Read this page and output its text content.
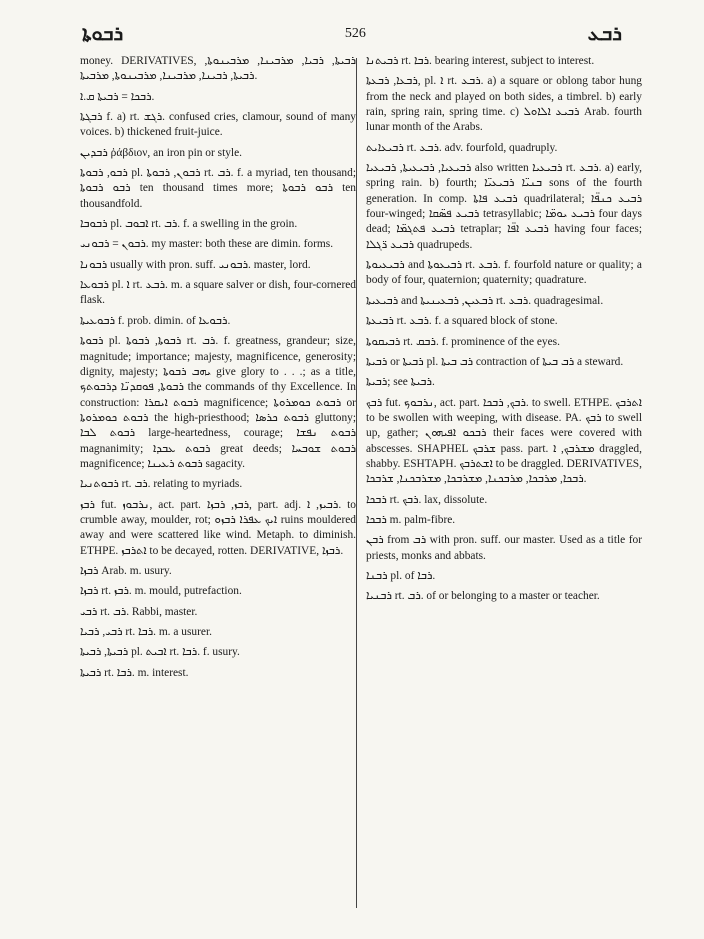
ܪܒܘܬܐ	526	ܪܒܥ

money. DERIVATIVES, ܪܒܝܬܐ, ܪܒܝܐ, ܡܪܒܝܢܐ, ܡܪܒܝܢܘܬܐ, ܪܒܝܬܐ, ܪܒܝܢܐ, ܡܪܒܝܢܐ, ܡܪܒܝܢܘܬܐ, ܡܪܒܝܬܐ.

ܪܒܟܐ = ܪܒܝܬܐ ܩ.ܐ.

ܪܒܓܬܐ f. a) rt. ܪܓܫ. confused cries, clamour, sound of many voices. b) thickened fruit-juice.

ܪܒܕܝܢ ῥάβδιον, an iron pin or style.

ܪܒܘ, ܪܒܘܬܐ pl. ܪܒܘܢ, ܪܒܘܬܐ rt. ܪܒ. f. a myriad, ten thousand; ܪܒܘ ܪܒܘܬܐ ten thousand times more; ܪܒܘ ܪܒܘܬܐ ten thousandfold.

ܪܒܘܒܐ pl. ܐܒܘܒ rt. ܪܒ. f. a swelling in the groin.

ܪܒܘܢ = ܪܒܘܢܝ. my master: both these are dimin. forms.

ܪܒܘܢܐ usually with pron. suff. ܪܒܘܢܝ. master, lord.

ܪܒܘܥܐ pl. ܐ rt. ܪܒܥ. m. a square salver or dish, four-cornered flask.

ܪܒܘܥܝܬܐ f. prob. dimin. of ܪܒܘܥܐ.

ܪܒܘܬܐ pl. ܪܒܘܬܐ, ܪܒܘܬܐ rt. ܪܒ. f. greatness, grandeur; size, magnitude; importance; majesty, magnificence, generosity; dignity, majesty; ܝܗܒ ܪܒܘܬܐ give glory to . . .; as a title, ܪܒܘܬܐ, ܦܘܩܕܢ̈ܐ ܕܪܒܘܬܟ the commands of thy Excellence. In construction: ܪܒܘܬ ܐܝܩܪܐ magnificence; ܪܒܘܬ ܟܘܡܪܘܬܐ or ܪܒܘܬ ܟܘܡܪܘܬܐ the high-priesthood; ܪܒܘܬ ܟܪܣܐ gluttony; ܪܒܘܬ ܠܒܐ large-heartedness, courage; ܪܒܘܬ ܢܦܫܐ magnanimity; ܪܒܘܬ ܥܒܕܐ great deeds; ܪܒܘܬ ܫܘܒܚܐ magnificence; ܪܒܘܬ ܪܥܝܢܐ sagacity.

ܪܒܘܬܢܝܐ rt. ܪܒ. relating to myriads.

ܪܒܙ fut. ܢܪܒܘܙ, act. part. ܪܒܙ, ܪܒܙܐ, part. adj. ܪܒܝܙ, ܐ. to crumble away, moulder, rot; ܐܝܟ ܥܦܪܐ ܪܒܙܘ ruins mouldered away and were scattered like wind. Metaph. to diminish. ETHPE. ܐܬܪܒܙ to be decayed, rotten. DERIVATIVE, ܪܒܙܐ.

ܪܒܙܐ Arab. m. usury.

ܪܒܙܐ rt. ܪܒܙ. m. mould, putrefaction.

ܪܒܝ rt. ܪܒ. Rabbi, master.

ܪܒܝ, ܪܒܝܐ rt. ܪܒܐ. m. a usurer.

ܪܒܝܬܐ, ܪܒܝܬܐ pl. ܐܒܝܬ rt. ܪܒܐ. f. usury.

ܪܒܝܬܐ rt. ܪܒܐ. m. interest.

ܪܒܝܬܢܐ rt. ܪܒܐ. bearing interest, subject to interest.

ܪܒܥܐ, ܪܒܥܬܐ, pl. ܐ rt. ܪܒܥ. a) a square or oblong tabor hung from the neck and played on both sides, a timbrel. b) early rain, spring rain, spring time. c) ܪܒܝܥ ܐܠܐܘܠ Arab. fourth lunar month of the Arabs.

ܪܒܝܥܐܝܬ rt. ܪܒܥ. adv. fourfold, quadruply.

ܪܒܝܥܝܐ, ܪܒܝܥܝܬܐ, ܪܒܝܥܝܐ also written ܪܒܝܥܝܐ rt. ܪܒܥ. a) early, spring rain. b) fourth; ܒܢܝ̈ܐ ܪܒܝܥܝ̈ܐ sons of the fourth generation. In comp. ܪܒܝܥ ܦܐܬܐ quadrilateral; ܪܒܝܥ ܟܢܦ̈ܐ four-winged; ܪܒܝܥ ܦܣ̈ܩܐ tetrasyllabic; ܪܒܝܥ ܝܘܡ̈ܐ four days dead; ܪܒܝܥ ܦܬܓܡ̈ܐ tetraplar; ܪܒܝܥ ܐܦ̈ܐ having four faces; ܪܒܝܥ ܪ̈ܓܠܐ quadrupeds.

ܪܒܝܥܝܘܬܐ and ܪܒܝܥܘܬܐ rt. ܪܒܥ. f. fourfold nature or quality; a body of four, quaternion; quaternity; quadrature.

ܪܒܝܥܝܬܐ and ܪܒܥܝܢ, ܪܒܥܝܢܝܬܐ rt. ܪܒܥ. quadragesimal.

ܪܒܝܥܬܐ rt. ܪܒܥ. f. a squared block of stone.

ܪܒܝܩܘܬܐ rt. ܪܒܩ. f. prominence of the eyes.

ܪܒܝܬܐ or ܪܒܝܬܐ pl. ܪܒ ܒܝܬܐ contraction of ܪܒ ܒܝܬܐ a steward.

ܪܒܝܬܐ; see ܪܒܝܬܐ.

ܪܒܟ fut. ܢܪܒܘܟ, act. part. ܪܒܟ, ܪܒܟܐ. to swell. ETHPE. ܐܬܪܒܟ to be swollen with weeping, with disease. PA. ܪܒܟ to swell up, gather; ܪܒܟܘ ܐܦܝܗܘܢ their faces were covered with abscesses. SHAPHEL ܫܪܒܟ pass. part. ܡܫܪܒܟ, ܐ draggled, shabby. ESHTAPH. ܐܫܬܪܒܟ to be draggled. DERIVATIVES, ܪܒܟܐ, ܡܪܒܟܐ, ܡܪܒܟܢܐ, ܡܫܪܒܟܐ, ܡܫܪܒܟܢܐ, ܫܪܒܟܐ.

ܪܒܟܐ rt. ܪܒܟ. lax, dissolute.

ܪܒܟܐ m. palm-fibre.

ܪܒܢ from ܪܒ with pron. suff. our master. Used as a title for priests, monks and abbats.

ܪܒܢܐ pl. of ܪܒܐ.

ܪܒܢܝܐ rt. ܪܒ. of or belonging to a master or teacher.
